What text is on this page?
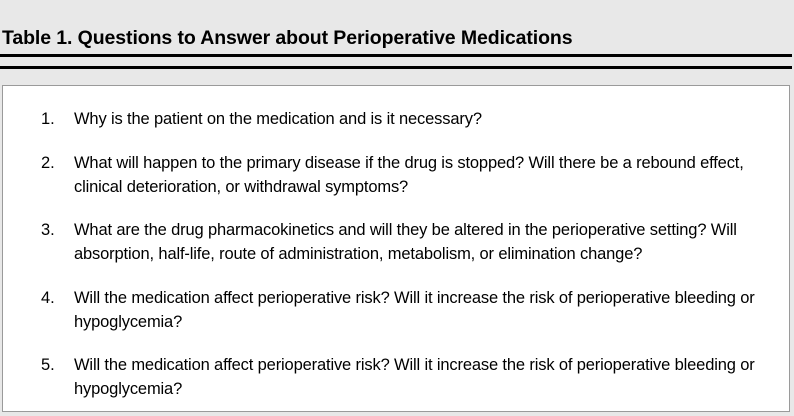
Table 1. Questions to Answer about Perioperative Medications
1.	Why is the patient on the medication and is it necessary?
2.	What will happen to the primary disease if the drug is stopped? Will there be a rebound effect, clinical deterioration, or withdrawal symptoms?
3.	What are the drug pharmacokinetics and will they be altered in the perioperative setting? Will absorption, half-life, route of administration, metabolism, or elimination change?
4.	Will the medication affect perioperative risk? Will it increase the risk of perioperative bleeding or hypoglycemia?
5.	Will the medication affect perioperative risk? Will it increase the risk of perioperative bleeding or hypoglycemia?
